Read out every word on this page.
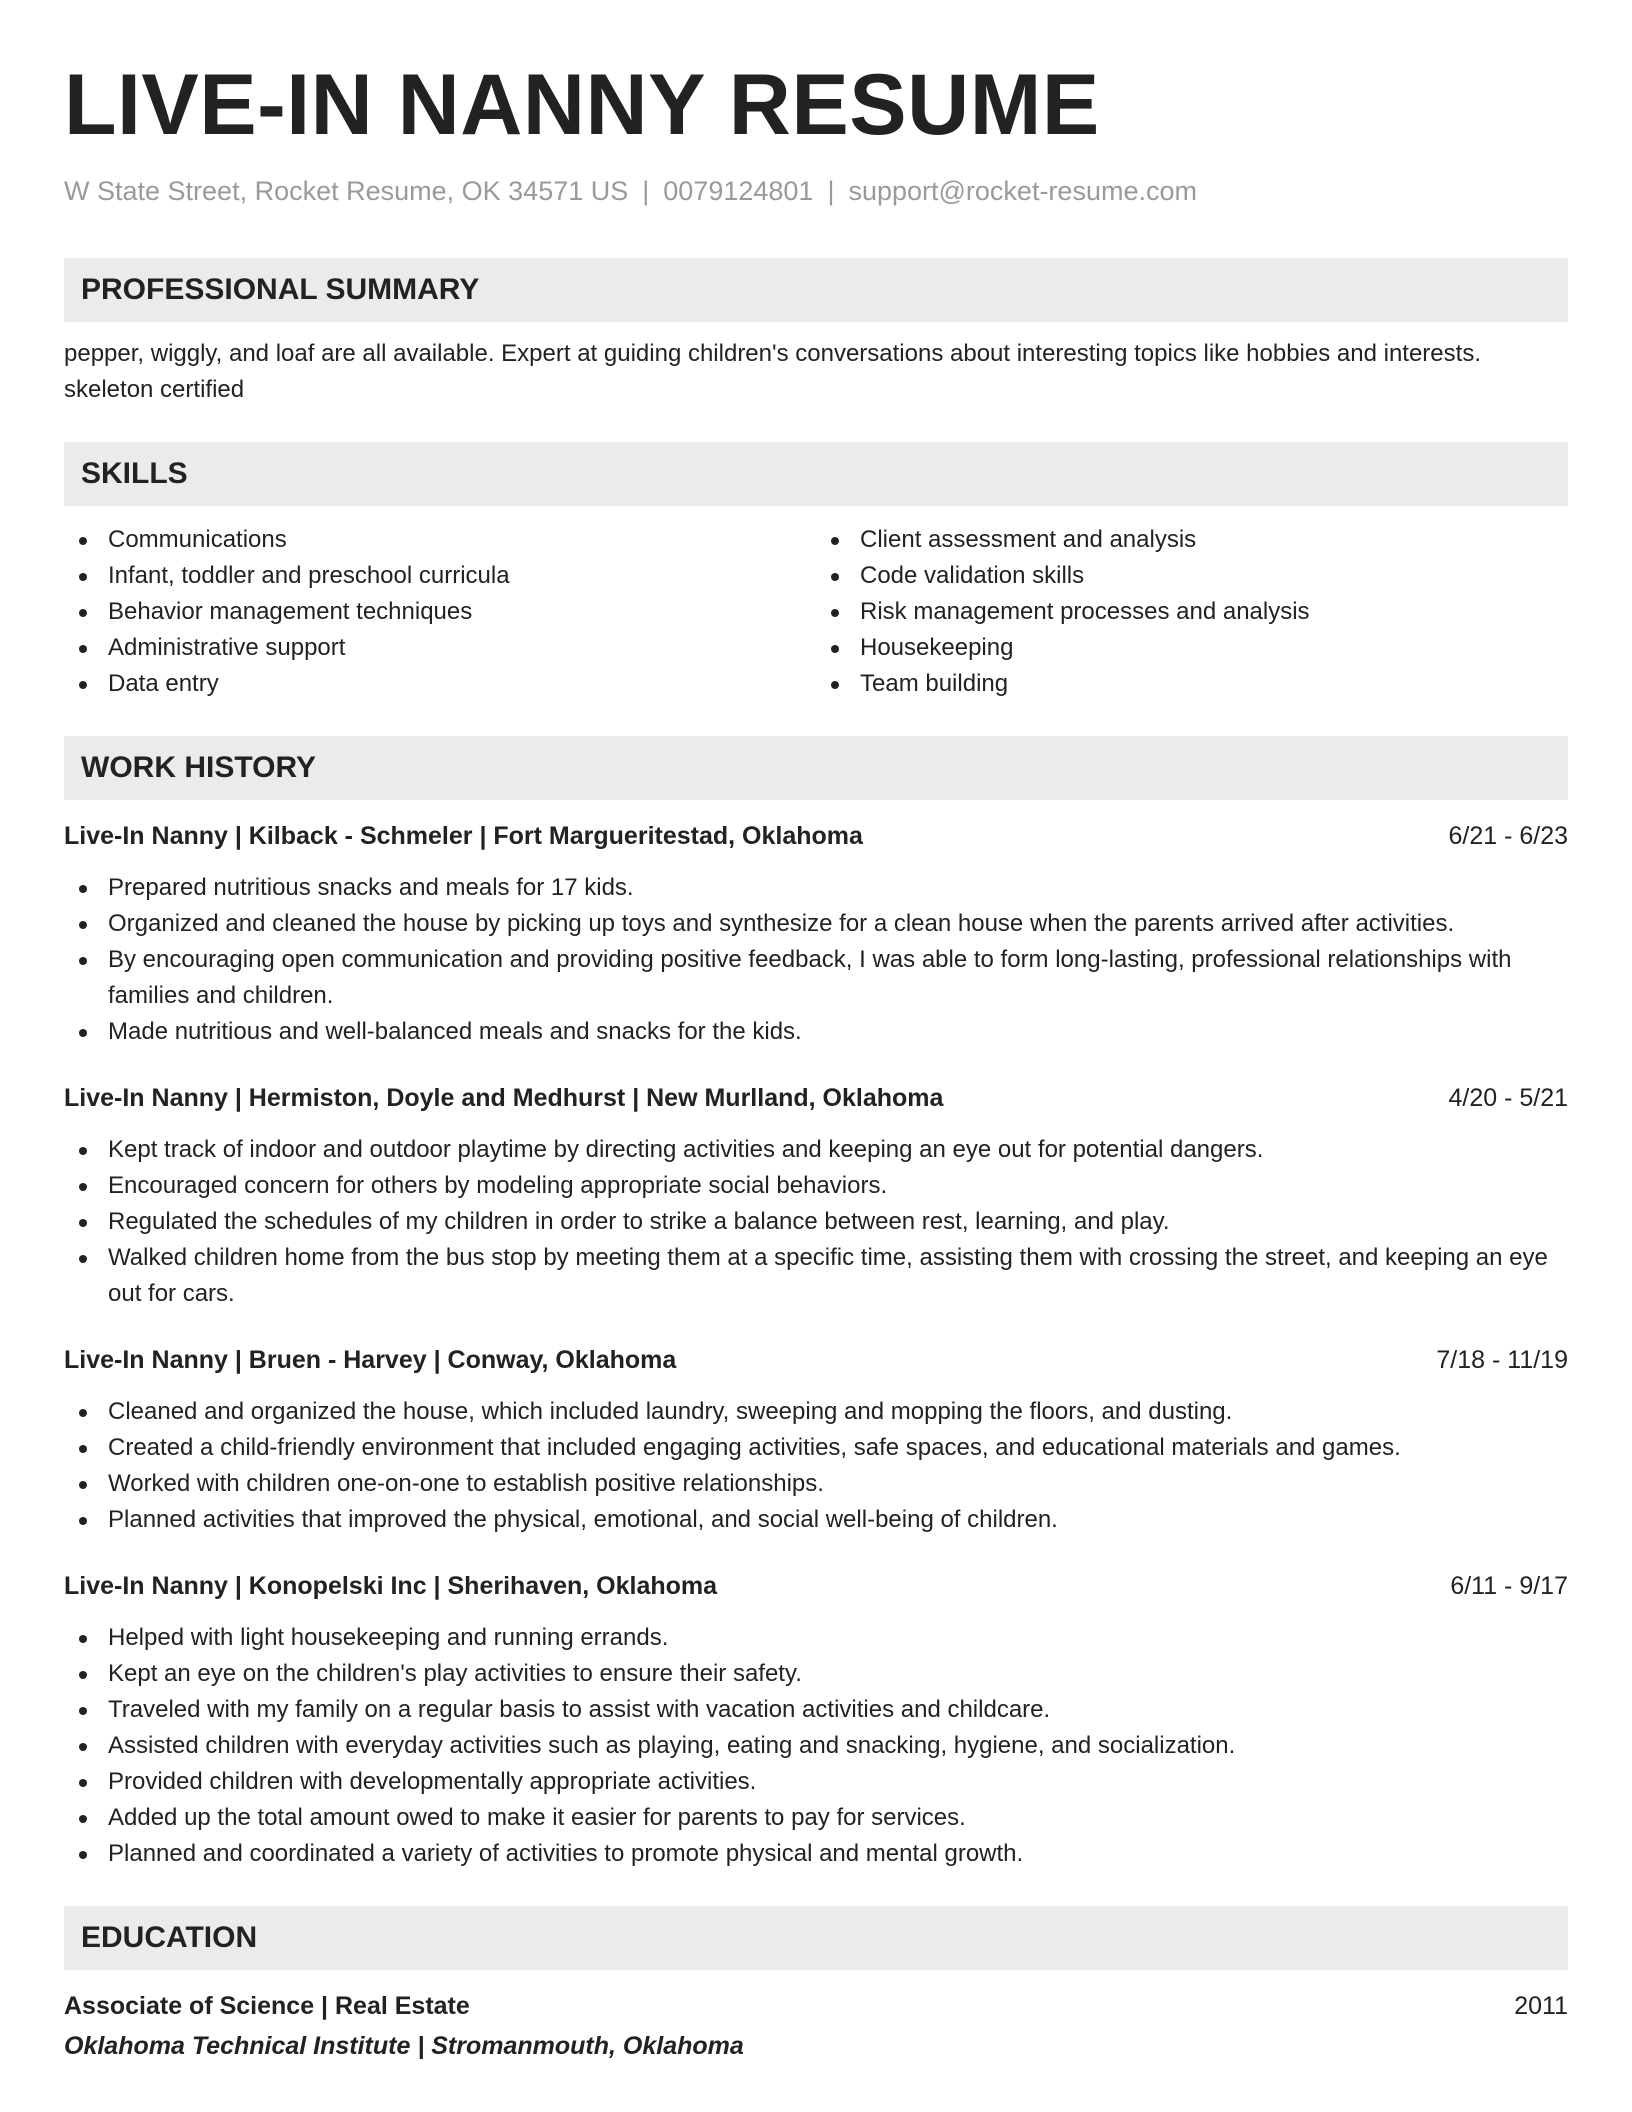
LIVE-IN NANNY RESUME
W State Street, Rocket Resume, OK 34571 US | 0079124801 | support@rocket-resume.com
PROFESSIONAL SUMMARY

pepper, wiggly, and loaf are all available. Expert at guiding children's conversations about interesting topics like hobbies and interests. skeleton certified

SKILLS
Communications
Infant, toddler and preschool curricula
Behavior management techniques
Administrative support
Data entry
Client assessment and analysis
Code validation skills
Risk management processes and analysis
Housekeeping
Team building
WORK HISTORY
Live-In Nanny | Kilback - Schmeler | Fort Margueritestad, Oklahoma	6/21 - 6/23
Prepared nutritious snacks and meals for 17 kids.
Organized and cleaned the house by picking up toys and synthesize for a clean house when the parents arrived after activities.
By encouraging open communication and providing positive feedback, I was able to form long-lasting, professional relationships with families and children.
Made nutritious and well-balanced meals and snacks for the kids.
Live-In Nanny | Hermiston, Doyle and Medhurst | New Murlland, Oklahoma	4/20 - 5/21
Kept track of indoor and outdoor playtime by directing activities and keeping an eye out for potential dangers.
Encouraged concern for others by modeling appropriate social behaviors.
Regulated the schedules of my children in order to strike a balance between rest, learning, and play.
Walked children home from the bus stop by meeting them at a specific time, assisting them with crossing the street, and keeping an eye out for cars.
Live-In Nanny | Bruen - Harvey | Conway, Oklahoma	7/18 - 11/19
Cleaned and organized the house, which included laundry, sweeping and mopping the floors, and dusting.
Created a child-friendly environment that included engaging activities, safe spaces, and educational materials and games.
Worked with children one-on-one to establish positive relationships.
Planned activities that improved the physical, emotional, and social well-being of children.
Live-In Nanny | Konopelski Inc | Sherihaven, Oklahoma	6/11 - 9/17
Helped with light housekeeping and running errands.
Kept an eye on the children's play activities to ensure their safety.
Traveled with my family on a regular basis to assist with vacation activities and childcare.
Assisted children with everyday activities such as playing, eating and snacking, hygiene, and socialization.
Provided children with developmentally appropriate activities.
Added up the total amount owed to make it easier for parents to pay for services.
Planned and coordinated a variety of activities to promote physical and mental growth.
EDUCATION
Associate of Science | Real Estate	2011
Oklahoma Technical Institute | Stromanmouth, Oklahoma
